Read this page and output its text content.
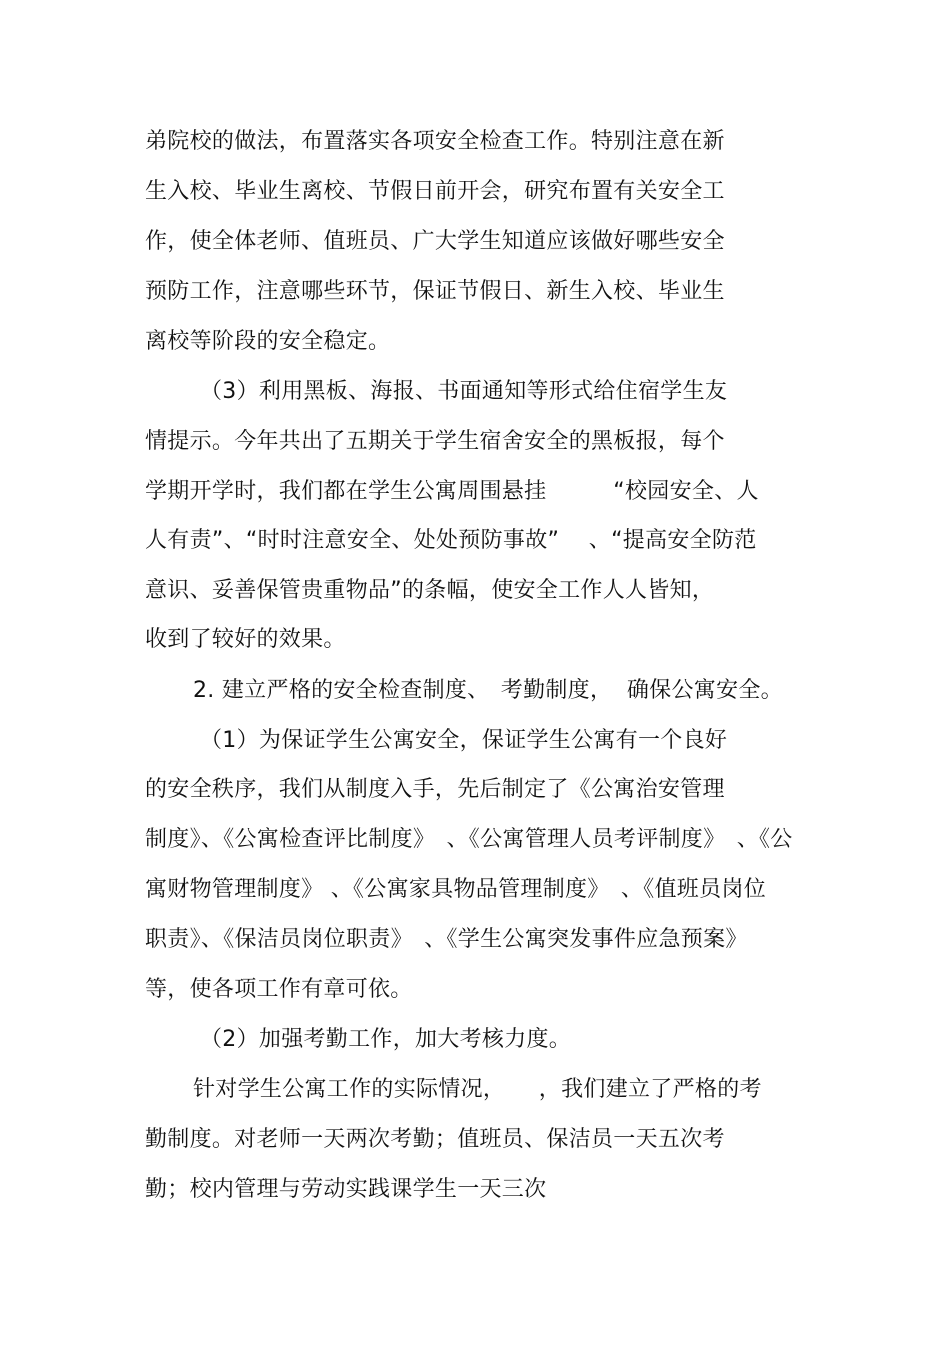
弟院校的做法，布置落实各项安全检查工作。特别注意在新
生入校、毕业生离校、节假日前开会，研究布置有关安全工
作，使全体老师、值班员、广大学生知道应该做好哪些安全
预防工作，注意哪些环节，保证节假日、新生入校、毕业生
离校等阶段的安全稳定。
（3）利用黑板、海报、书面通知等形式给住宿学生友
情提示。今年共出了五期关于学生宿舍安全的黑板报，每个
学期开学时，我们都在学生公寓周围悬挂　　　“校园安全、人
人有责”、“时时注意安全、处处预防事故”　 、“提高安全防范
意识、妥善保管贵重物品”的条幅，使安全工作人人皆知，
收到了较好的效果。
2. 建立严格的安全检查制度、　考勤制度，  确保公寓安全。
（1）为保证学生公寓安全，保证学生公寓有一个良好
的安全秩序，我们从制度入手，先后制定了《公寓治安管理
制度》、《公寓检查评比制度》　、《公寓管理人员考评制度》　、《公
寓财物管理制度》 、《公寓家具物品管理制度》　、《值班员岗位
职责》、《保洁员岗位职责》　、《学生公寓突发事件应急预案》
等，使各项工作有章可依。
（2）加强考勤工作，加大考核力度。
针对学生公寓工作的实际情况，　　，我们建立了严格的考
勤制度。对老师一天两次考勤；值班员、保洁员一天五次考
勤；校内管理与劳动实践课学生一天三次
